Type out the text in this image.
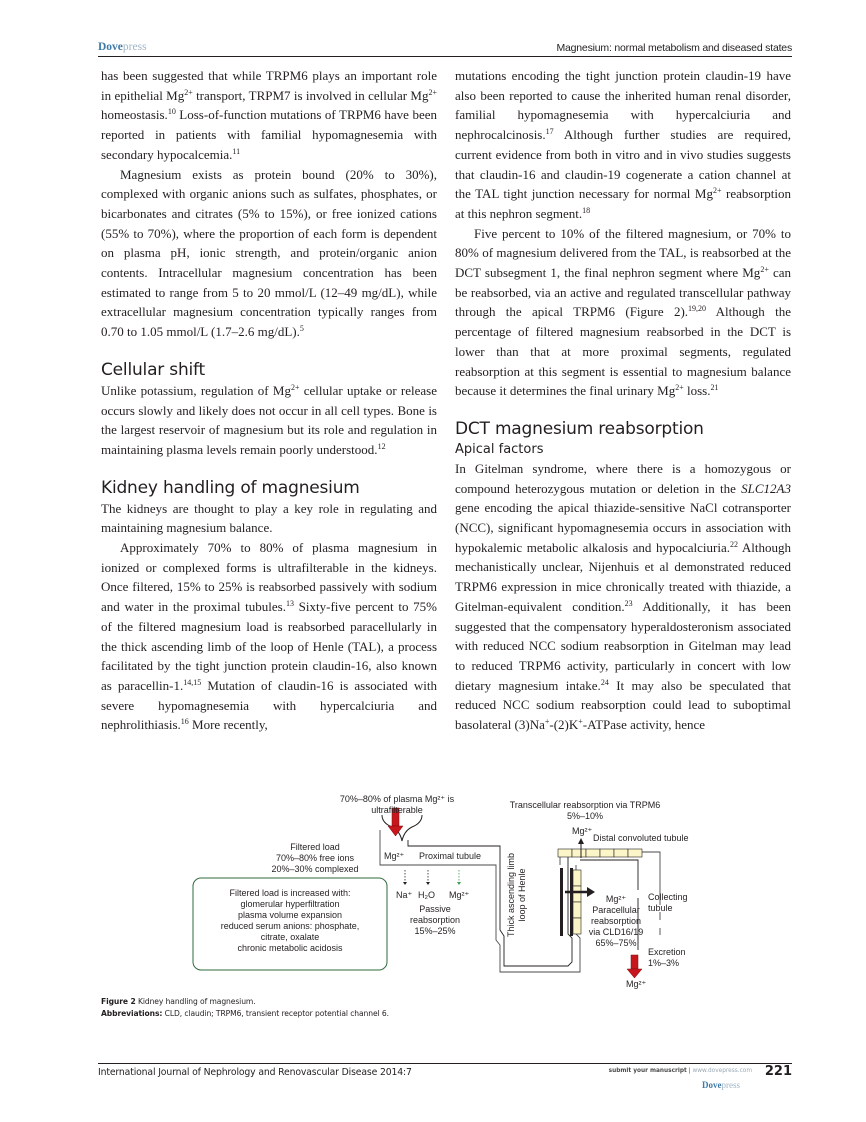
Dovepress	Magnesium: normal metabolism and diseased states

has been suggested that while TRPM6 plays an important role in epithelial $Mg^{2+}$ transport, TRPM7 is involved in cellular $Mg^{2+}$ homeostasis.$^{10}$ Loss-of-function mutations of TRPM6 have been reported in patients with familial hypomagnesemia with secondary hypocalcemia.$^{11}$

Magnesium exists as protein bound (20% to 30%), complexed with organic anions such as sulfates, phosphates, or bicarbonates and citrates (5% to 15%), or free ionized cations (55% to 70%), where the proportion of each form is dependent on plasma pH, ionic strength, and protein/organic anion contents. Intracellular magnesium concentration has been estimated to range from 5 to 20 mmol/L (12–49 mg/dL), while extracellular magnesium concentration typically ranges from 0.70 to 1.05 mmol/L (1.7–2.6 mg/dL).$^5$

Cellular shift

Unlike potassium, regulation of $Mg^{2+}$ cellular uptake or release occurs slowly and likely does not occur in all cell types. Bone is the largest reservoir of magnesium but its role and regulation in maintaining plasma levels remain poorly understood.$^{12}$

Kidney handling of magnesium

The kidneys are thought to play a key role in regulating and maintaining magnesium balance.

Approximately 70% to 80% of plasma magnesium in ionized or complexed forms is ultrafilterable in the kidneys. Once filtered, 15% to 25% is reabsorbed passively with sodium and water in the proximal tubules.$^{13}$ Sixty-five percent to 75% of the filtered magnesium load is reabsorbed paracellularly in the thick ascending limb of the loop of Henle (TAL), a process facilitated by the tight junction protein claudin-16, also known as paracellin-1.$^{14,15}$ Mutation of claudin-16 is associated with severe hypomagnesemia with hypercalciuria and nephrolithiasis.$^{16}$ More recently,

mutations encoding the tight junction protein claudin-19 have also been reported to cause the inherited human renal disorder, familial hypomagnesemia with hypercalciuria and nephrocalcinosis.$^{17}$ Although further studies are required, current evidence from both in vitro and in vivo studies suggests that claudin-16 and claudin-19 cogenerate a cation channel at the TAL tight junction necessary for normal $Mg^{2+}$ reabsorption at this nephron segment.$^{18}$

Five percent to 10% of the filtered magnesium, or 70% to 80% of magnesium delivered from the TAL, is reabsorbed at the DCT subsegment 1, the final nephron segment where $Mg^{2+}$ can be reabsorbed, via an active and regulated transcellular pathway through the apical TRPM6 (Figure 2).$^{19,20}$ Although the percentage of filtered magnesium reabsorbed in the DCT is lower than that at more proximal segments, regulated reabsorption at this segment is essential to magnesium balance because it determines the final urinary $Mg^{2+}$ loss.$^{21}$

DCT magnesium reabsorption
Apical factors

In Gitelman syndrome, where there is a homozygous or compound heterozygous mutation or deletion in the SLC12A3 gene encoding the apical thiazide-sensitive NaCl cotransporter (NCC), significant hypomagnesemia occurs in association with hypokalemic metabolic alkalosis and hypocalciuria.$^{22}$ Although mechanistically unclear, Nijenhuis et al demonstrated reduced TRPM6 expression in mice chronically treated with thiazide, a Gitelman-equivalent condition.$^{23}$ Additionally, it has been suggested that the compensatory hyperaldosteronism associated with reduced NCC sodium reabsorption in Gitelman may lead to reduced TRPM6 activity, particularly in concert with low dietary magnesium intake.$^{24}$ It may also be speculated that reduced NCC sodium reabsorption could lead to suboptimal basolateral (3)Na+-(2)K+-ATPase activity, hence

70%–80% of plasma Mg²⁺ is
ultrafilterable
Filtered load
70%–80% free ions
20%–30% complexed
Mg²⁺ Proximal tubule
Filtered load is increased with:
glomerular hyperfiltration
plasma volume expansion
reduced serum anions: phosphate,
citrate, oxalate
chronic metabolic acidosis
Na⁺ H₂O Mg²⁺
Passive
reabsorption
15%–25%	Thick ascending limb loop of Henle
Transcellular reabsorption via TRPM6
5%–10%
Mg²⁺
Distal convoluted tubule
Mg²⁺
Paracellular
reabsorption
via CLD16/19
65%–75%
Collecting
tubule
Excretion
1%–3%
Mg²⁺
Figure 2 Kidney handling of magnesium.
Abbreviations: CLD, claudin; TRPM6, transient receptor potential channel 6.
International Journal of Nephrology and Renovascular Disease 2014:7	submit your manuscript | www.dovepress.com 221
Dovepress
